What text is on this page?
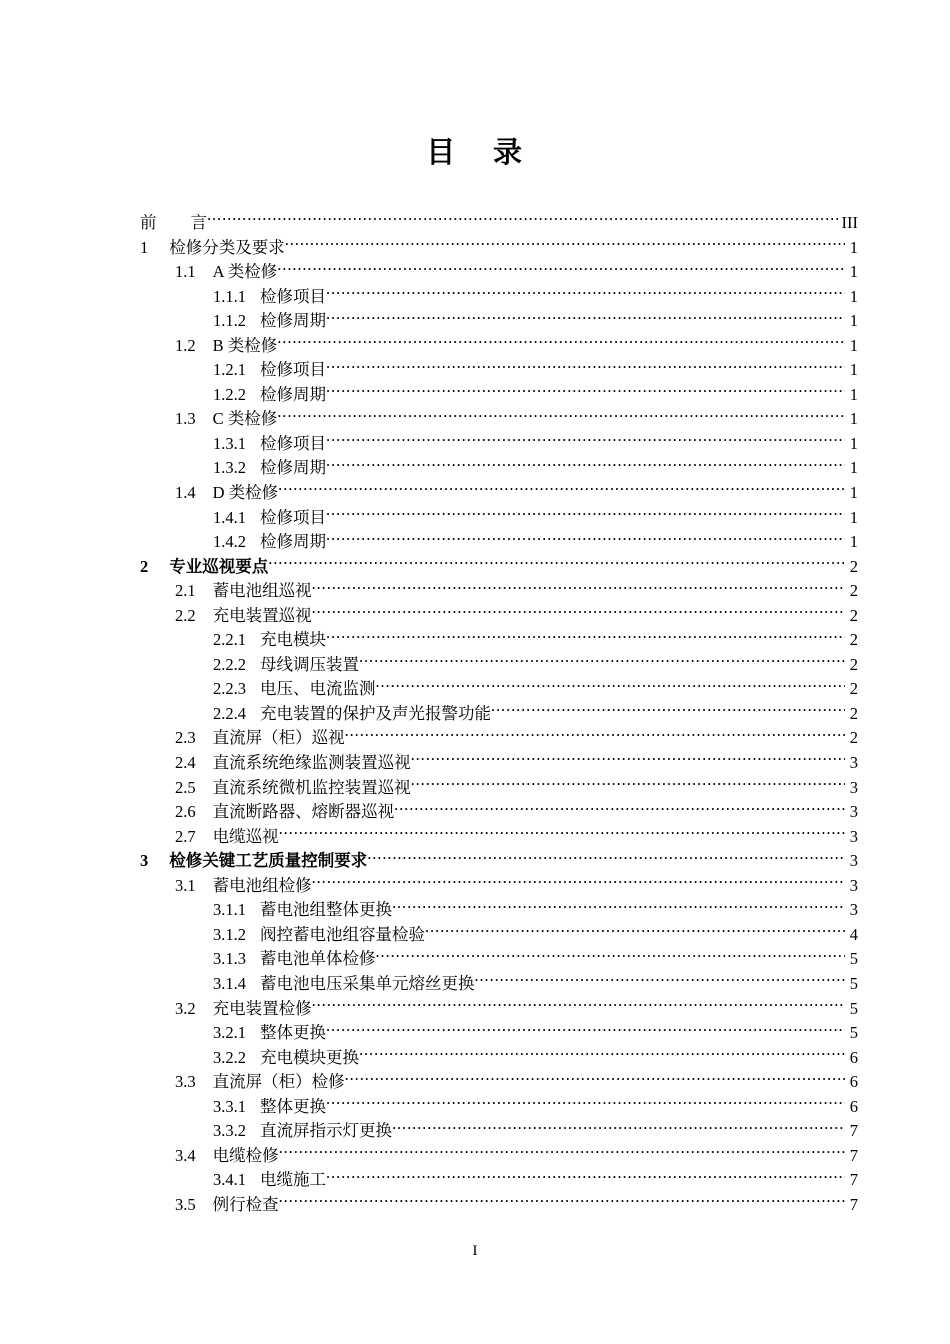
目    录
前 言 .....	III
1 检修分类及要求 .....	1
1.1 A 类检修 .....	1
1.1.1 检修项目 .....	1
1.1.2 检修周期 .....	1
1.2 B 类检修 .....	1
1.2.1 检修项目 .....	1
1.2.2 检修周期 .....	1
1.3 C 类检修 .....	1
1.3.1 检修项目 .....	1
1.3.2 检修周期 .....	1
1.4 D 类检修 .....	1
1.4.1 检修项目 .....	1
1.4.2 检修周期 .....	1
2 专业巡视要点 .....	2
2.1 蓄电池组巡视 .....	2
2.2 充电装置巡视 .....	2
2.2.1 充电模块 .....	2
2.2.2 母线调压装置 .....	2
2.2.3 电压、电流监测 .....	2
2.2.4 充电装置的保护及声光报警功能 .....	2
2.3 直流屏（柜）巡视 .....	2
2.4 直流系统绝缘监测装置巡视 .....	3
2.5 直流系统微机监控装置巡视 .....	3
2.6 直流断路器、熔断器巡视 .....	3
2.7 电缆巡视 .....	3
3 检修关键工艺质量控制要求 .....	3
3.1 蓄电池组检修 .....	3
3.1.1 蓄电池组整体更换 .....	3
3.1.2 阀控蓄电池组容量检验 .....	4
3.1.3 蓄电池单体检修 .....	5
3.1.4 蓄电池电压采集单元熔丝更换 .....	5
3.2 充电装置检修 .....	5
3.2.1 整体更换 .....	5
3.2.2 充电模块更换 .....	6
3.3 直流屏（柜）检修 .....	6
3.3.1 整体更换 .....	6
3.3.2 直流屏指示灯更换 .....	7
3.4 电缆检修 .....	7
3.4.1 电缆施工 .....	7
3.5 例行检查 .....	7
I
